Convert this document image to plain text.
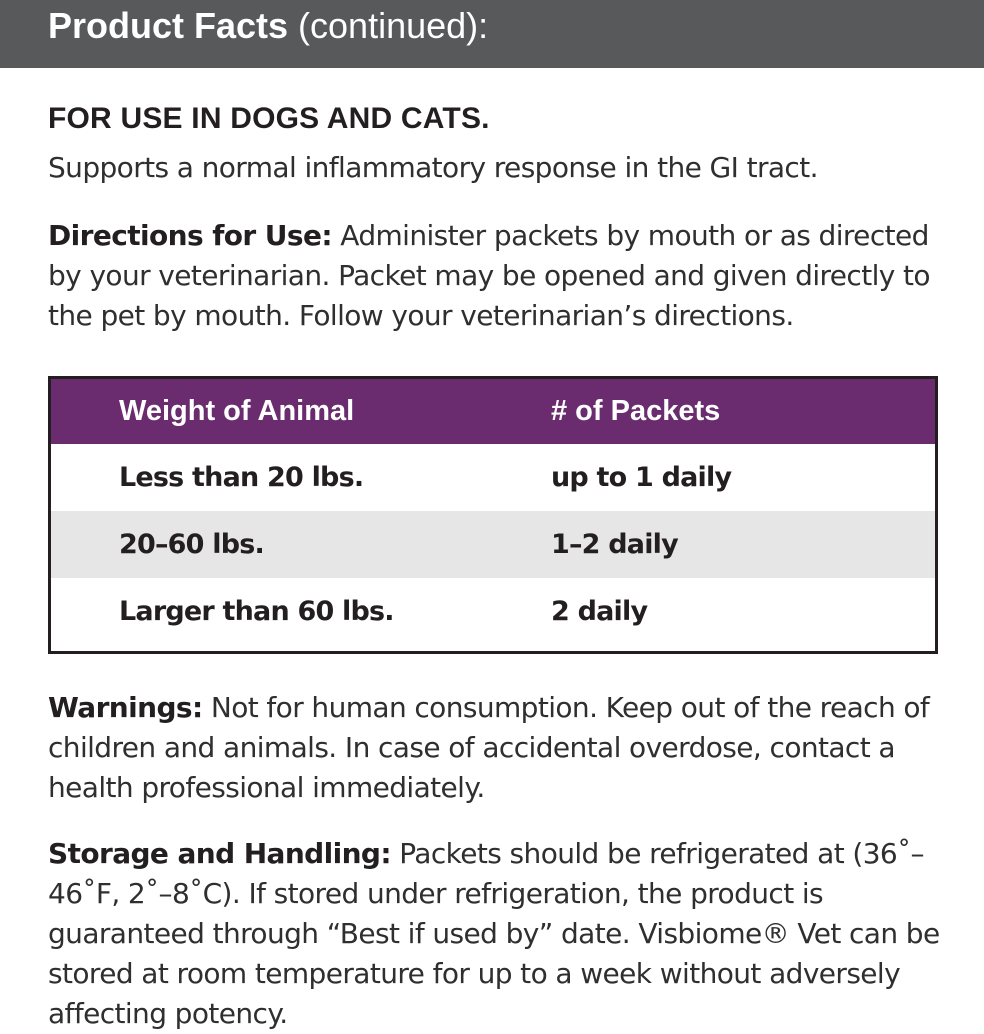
Product Facts (continued):

FOR USE IN DOGS AND CATS.

Supports a normal inflammatory response in the GI tract.

Directions for Use: Administer packets by mouth or as directed by your veterinarian. Packet may be opened and given directly to the pet by mouth. Follow your veterinarian’s directions.

Weight of Animal	# of Packets
Less than 20 lbs.	up to 1 daily
20–60 lbs.	1–2 daily
Larger than 60 lbs.	2 daily

Warnings: Not for human consumption. Keep out of the reach of children and animals. In case of accidental overdose, contact a health professional immediately.

Storage and Handling: Packets should be refrigerated at (36˚–46˚F, 2˚–8˚C). If stored under refrigeration, the product is guaranteed through “Best if used by” date. Visbiome® Vet can be stored at room temperature for up to a week without adversely affecting potency.
